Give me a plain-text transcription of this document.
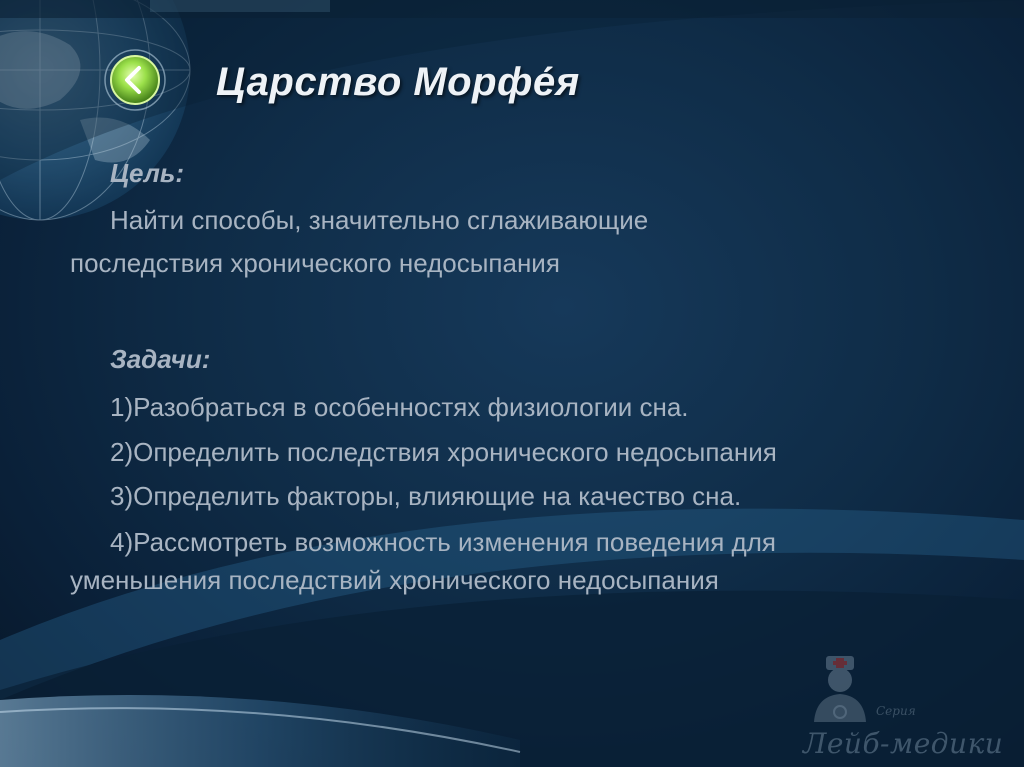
Царство Морфе́я
Цель:
Найти способы, значительно сглаживающие
последствия хронического недосыпания
Задачи:
1)Разобраться в особенностях физиологии сна.
2)Определить последствия хронического недосыпания
3)Определить факторы, влияющие на качество сна.
4)Рассмотреть возможность изменения поведения для
уменьшения последствий хронического недосыпания
Серия
Лейб-медики
